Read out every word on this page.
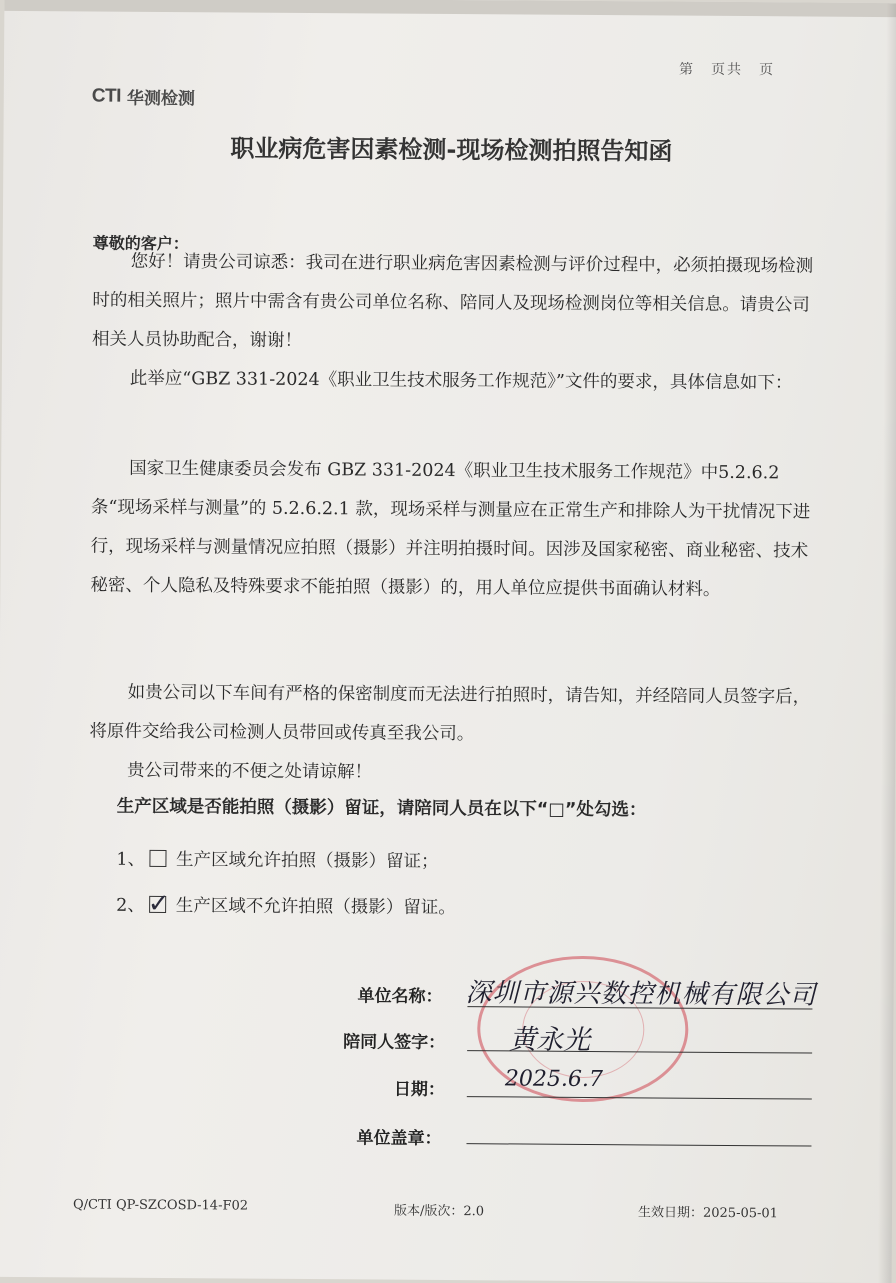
第　页共　页
CTI 华测检测
职业病危害因素检测-现场检测拍照告知函
尊敬的客户：

您好！请贵公司谅悉：我司在进行职业病危害因素检测与评价过程中，必须拍摄现场检测时的相关照片；照片中需含有贵公司单位名称、陪同人及现场检测岗位等相关信息。请贵公司相关人员协助配合，谢谢！

此举应“GBZ 331-2024《职业卫生技术服务工作规范》”文件的要求，具体信息如下：

国家卫生健康委员会发布 GBZ 331-2024《职业卫生技术服务工作规范》中5.2.6.2 条“现场采样与测量”的 5.2.6.2.1 款，现场采样与测量应在正常生产和排除人为干扰情况下进行，现场采样与测量情况应拍照（摄影）并注明拍摄时间。因涉及国家秘密、商业秘密、技术秘密、个人隐私及特殊要求不能拍照（摄影）的，用人单位应提供书面确认材料。

如贵公司以下车间有严格的保密制度而无法进行拍照时，请告知，并经陪同人员签字后，将原件交给我公司检测人员带回或传真至我公司。

贵公司带来的不便之处请谅解！

生产区域是否能拍照（摄影）留证，请陪同人员在以下“□”处勾选：
1、 生产区域允许拍照（摄影）留证；
2、 ✓ 生产区域不允许拍照（摄影）留证。
单位名称： 深圳市源兴数控机械有限公司
陪同人签字： 黄永光
日期：	2025.6.7
单位盖章：
Q/CTI QP-SZCOSD-14-F02	版本/版次：2.0	生效日期：2025-05-01
